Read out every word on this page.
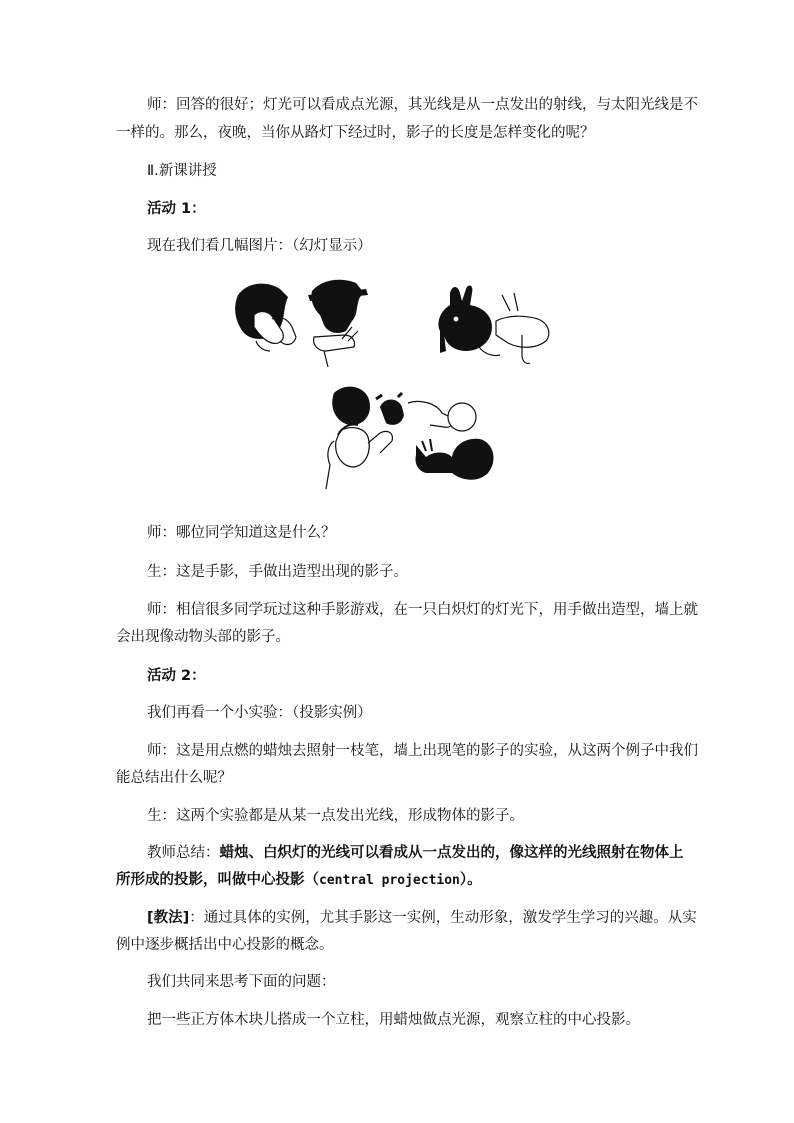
师：回答的很好；灯光可以看成点光源，其光线是从一点发出的射线，与太阳光线是不
一样的。那么，夜晚，当你从路灯下经过时，影子的长度是怎样变化的呢？
Ⅱ.新课讲授
活动 1：
现在我们看几幅图片：（幻灯显示）
师：哪位同学知道这是什么？
生：这是手影，手做出造型出现的影子。
师：相信很多同学玩过这种手影游戏，在一只白炽灯的灯光下，用手做出造型，墙上就
会出现像动物头部的影子。
活动 2：
我们再看一个小实验：（投影实例）
师：这是用点燃的蜡烛去照射一枝笔，墙上出现笔的影子的实验，从这两个例子中我们
能总结出什么呢？
生：这两个实验都是从某一点发出光线，形成物体的影子。
教师总结：蜡烛、白炽灯的光线可以看成从一点发出的，像这样的光线照射在物体上
所形成的投影，叫做中心投影（central projection）。
[教法]：通过具体的实例，尤其手影这一实例，生动形象，激发学生学习的兴趣。从实
例中逐步概括出中心投影的概念。
我们共同来思考下面的问题：
把一些正方体木块儿搭成一个立柱，用蜡烛做点光源，观察立柱的中心投影。
